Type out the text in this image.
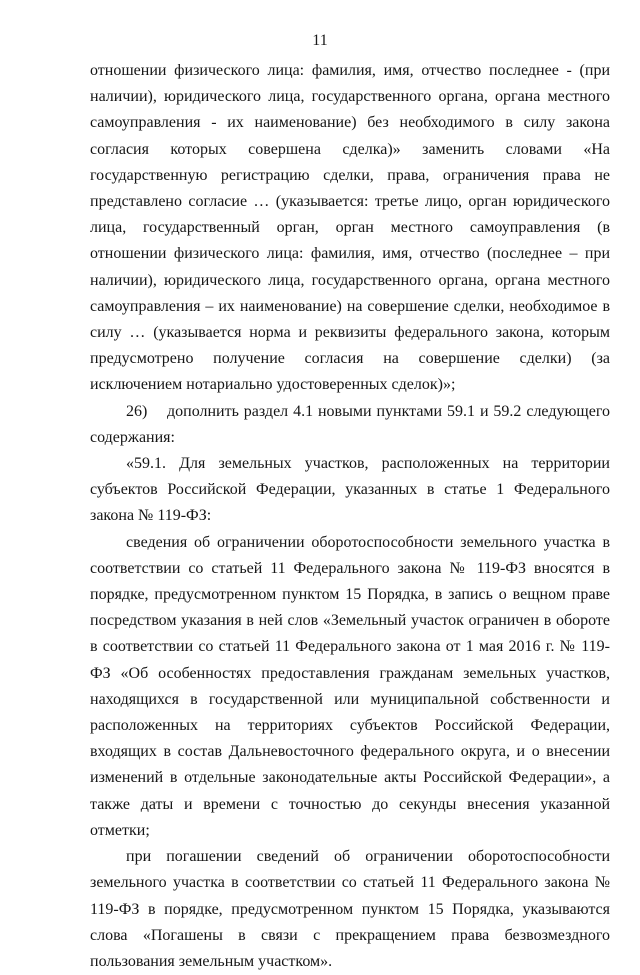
11

отношении физического лица: фамилия, имя, отчество последнее - (при наличии), юридического лица, государственного органа, органа местного самоуправления - их наименование) без необходимого в силу закона согласия которых совершена сделка)» заменить словами «На государственную регистрацию сделки, права, ограничения права не представлено согласие … (указывается: третье лицо, орган юридического лица, государственный орган, орган местного самоуправления (в отношении физического лица: фамилия, имя, отчество (последнее – при наличии), юридического лица, государственного органа, органа местного самоуправления – их наименование) на совершение сделки, необходимое в силу … (указывается норма и реквизиты федерального закона, которым предусмотрено получение согласия на совершение сделки) (за исключением нотариально удостоверенных сделок)»;

26)    дополнить раздел 4.1 новыми пунктами 59.1 и 59.2 следующего содержания:

«59.1. Для земельных участков, расположенных на территории субъектов Российской Федерации, указанных в статье 1 Федерального закона № 119-ФЗ:

сведения об ограничении оборотоспособности земельного участка в соответствии со статьей 11 Федерального закона № 119-ФЗ вносятся в порядке, предусмотренном пунктом 15 Порядка, в запись о вещном праве посредством указания в ней слов «Земельный участок ограничен в обороте в соответствии со статьей 11 Федерального закона от 1 мая 2016 г. № 119-ФЗ «Об особенностях предоставления гражданам земельных участков, находящихся в государственной или муниципальной собственности и расположенных на территориях субъектов Российской Федерации, входящих в состав Дальневосточного федерального округа, и о внесении изменений в отдельные законодательные акты Российской Федерации», а также даты и времени с точностью до секунды внесения указанной отметки;

при погашении сведений об ограничении оборотоспособности земельного участка в соответствии со статьей 11 Федерального закона № 119-ФЗ в порядке, предусмотренном пунктом 15 Порядка, указываются слова «Погашены в связи с прекращением права безвозмездного пользования земельным участком».
